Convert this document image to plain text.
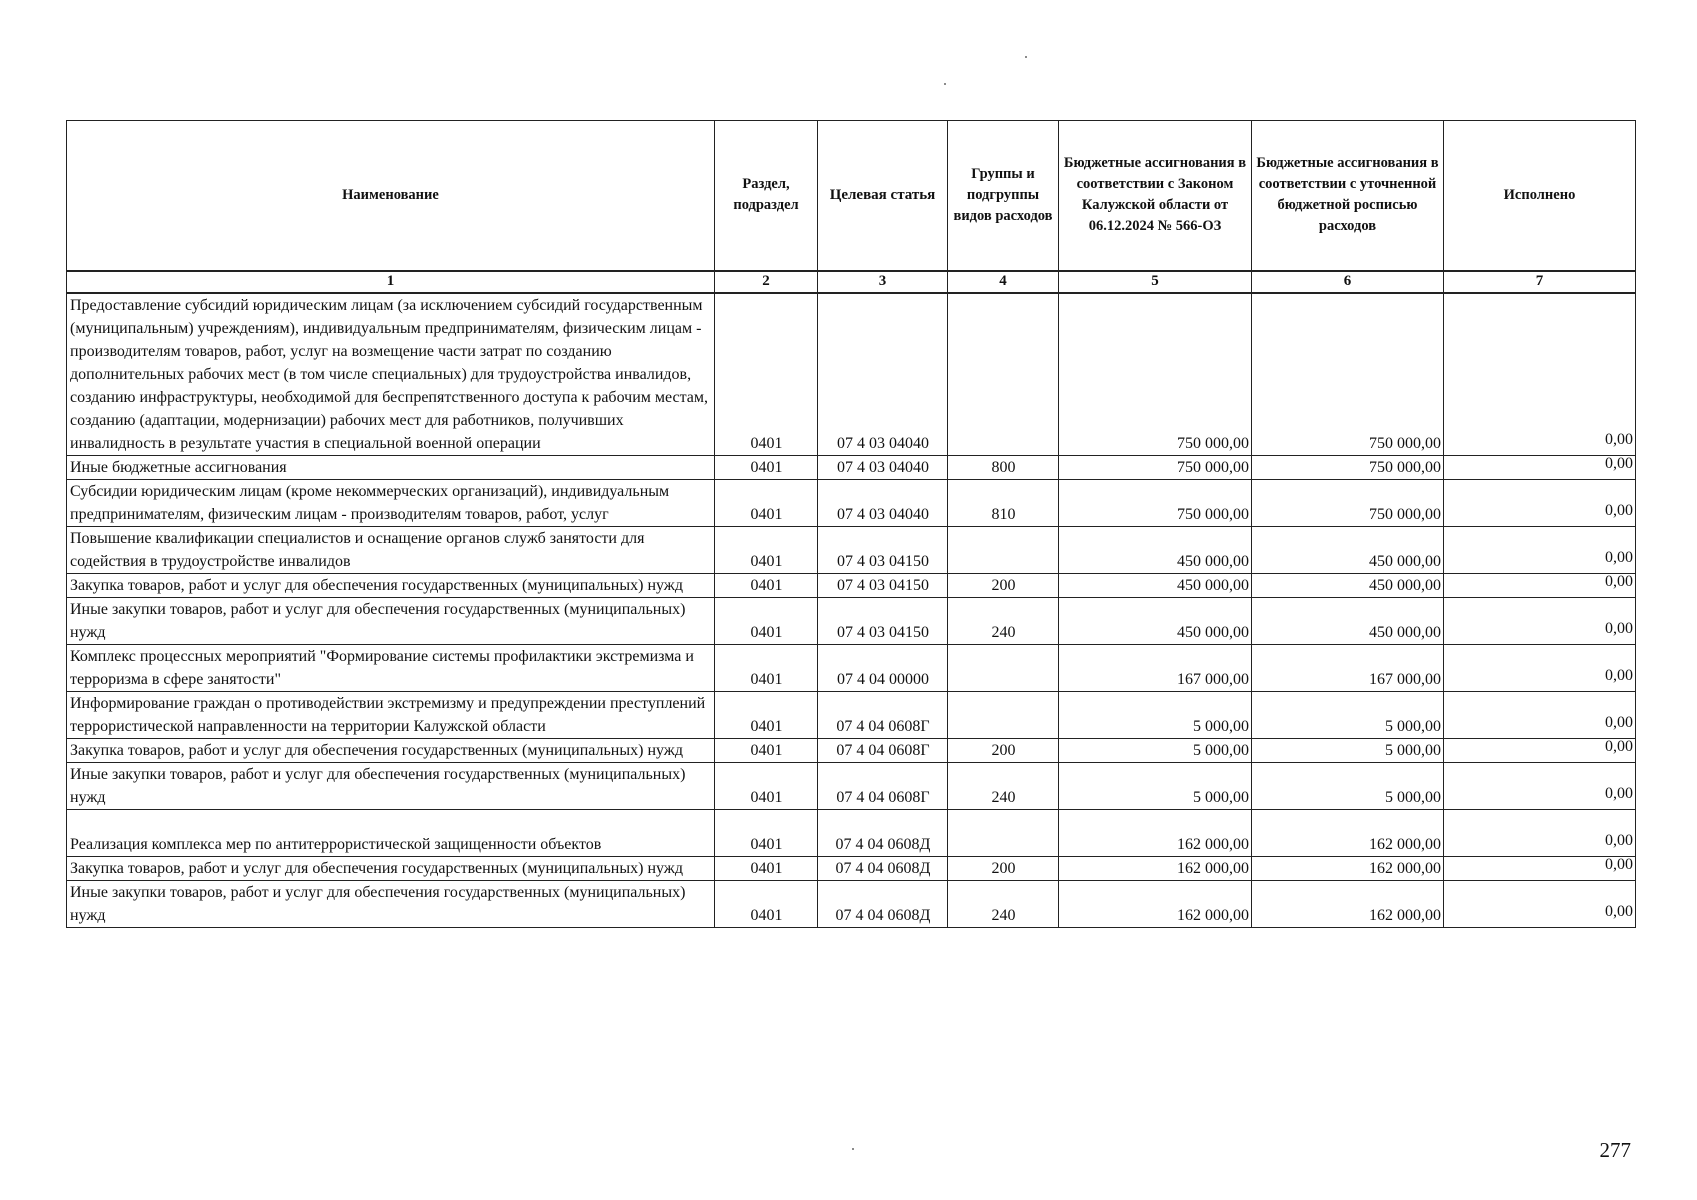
Наименование	Раздел, подраздел	Целевая статья	Группы и подгруппы видов расходов	Бюджетные ассигнования в соответствии с Законом Калужской области от 06.12.2024 № 566-ОЗ	Бюджетные ассигнования в соответствии с уточненной бюджетной росписью расходов	Исполнено
1	2	3	4	5	6	7
Предоставление субсидий юридическим лицам (за исключением субсидий государственным (муниципальным) учреждениям), индивидуальным предпринимателям, физическим лицам - производителям товаров, работ, услуг на возмещение части затрат по созданию дополнительных рабочих мест (в том числе специальных) для трудоустройства инвалидов, созданию инфраструктуры, необходимой для беспрепятственного доступа к рабочим местам, созданию (адаптации, модернизации) рабочих мест для работников, получивших инвалидность в результате участия в специальной военной операции	0401	07 4 03 04040		750 000,00	750 000,00	0,00
Иные бюджетные ассигнования	0401	07 4 03 04040	800	750 000,00	750 000,00	0,00
Субсидии юридическим лицам (кроме некоммерческих организаций), индивидуальным предпринимателям, физическим лицам - производителям товаров, работ, услуг	0401	07 4 03 04040	810	750 000,00	750 000,00	0,00
Повышение квалификации специалистов и оснащение органов служб занятости для содействия в трудоустройстве инвалидов	0401	07 4 03 04150		450 000,00	450 000,00	0,00
Закупка товаров, работ и услуг для обеспечения государственных (муниципальных) нужд	0401	07 4 03 04150	200	450 000,00	450 000,00	0,00
Иные закупки товаров, работ и услуг для обеспечения государственных (муниципальных) нужд	0401	07 4 03 04150	240	450 000,00	450 000,00	0,00
Комплекс процессных мероприятий "Формирование системы профилактики экстремизма и терроризма в сфере занятости"	0401	07 4 04 00000		167 000,00	167 000,00	0,00
Информирование граждан о противодействии экстремизму и предупреждении преступлений террористической направленности на территории Калужской области	0401	07 4 04 0608Г		5 000,00	5 000,00	0,00
Закупка товаров, работ и услуг для обеспечения государственных (муниципальных) нужд	0401	07 4 04 0608Г	200	5 000,00	5 000,00	0,00
Иные закупки товаров, работ и услуг для обеспечения государственных (муниципальных) нужд	0401	07 4 04 0608Г	240	5 000,00	5 000,00	0,00
Реализация комплекса мер по антитеррористической защищенности объектов	0401	07 4 04 0608Д		162 000,00	162 000,00	0,00
Закупка товаров, работ и услуг для обеспечения государственных (муниципальных) нужд	0401	07 4 04 0608Д	200	162 000,00	162 000,00	0,00
Иные закупки товаров, работ и услуг для обеспечения государственных (муниципальных) нужд	0401	07 4 04 0608Д	240	162 000,00	162 000,00	0,00
277
